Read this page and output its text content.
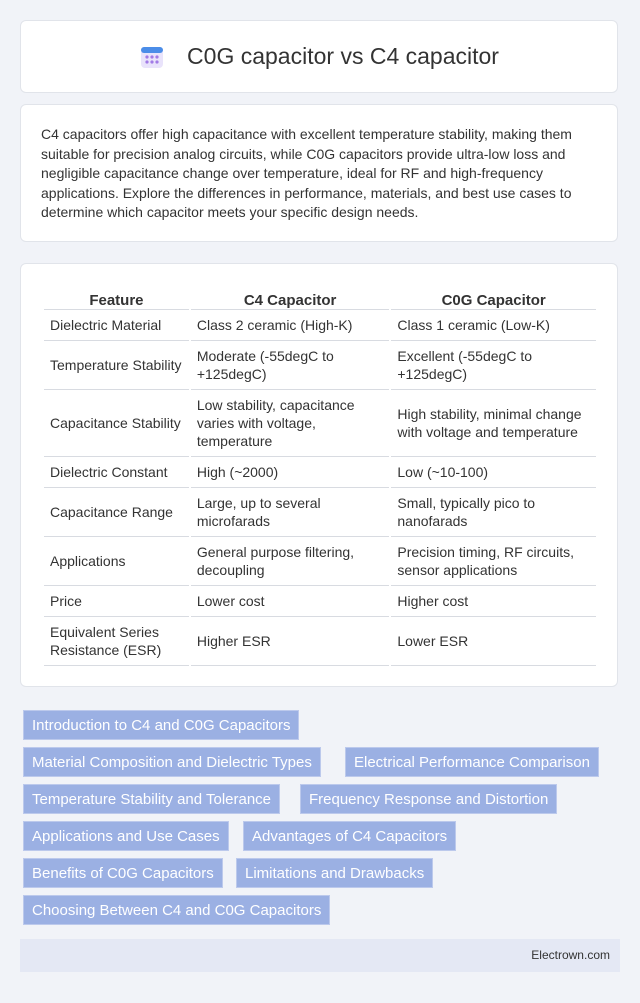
C0G capacitor vs C4 capacitor

C4 capacitors offer high capacitance with excellent temperature stability, making them suitable for precision analog circuits, while C0G capacitors provide ultra-low loss and negligible capacitance change over temperature, ideal for RF and high-frequency applications. Explore the differences in performance, materials, and best use cases to determine which capacitor meets your specific design needs.

Feature	C4 Capacitor	C0G Capacitor
Dielectric Material	Class 2 ceramic (High-K)	Class 1 ceramic (Low-K)
Temperature Stability	Moderate (-55degC to +125degC)	Excellent (-55degC to +125degC)
Capacitance Stability	Low stability, capacitance varies with voltage, temperature	High stability, minimal change with voltage and temperature
Dielectric Constant	High (~2000)	Low (~10-100)
Capacitance Range	Large, up to several microfarads	Small, typically pico to nanofarads
Applications	General purpose filtering, decoupling	Precision timing, RF circuits, sensor applications
Price	Lower cost	Higher cost
Equivalent Series Resistance (ESR)	Higher ESR	Lower ESR
Introduction to C4 and C0G Capacitors
Material Composition and Dielectric Types	Electrical Performance Comparison
Temperature Stability and Tolerance	Frequency Response and Distortion
Applications and Use Cases	Advantages of C4 Capacitors
Benefits of C0G Capacitors	Limitations and Drawbacks
Choosing Between C4 and C0G Capacitors
Electrown.com
